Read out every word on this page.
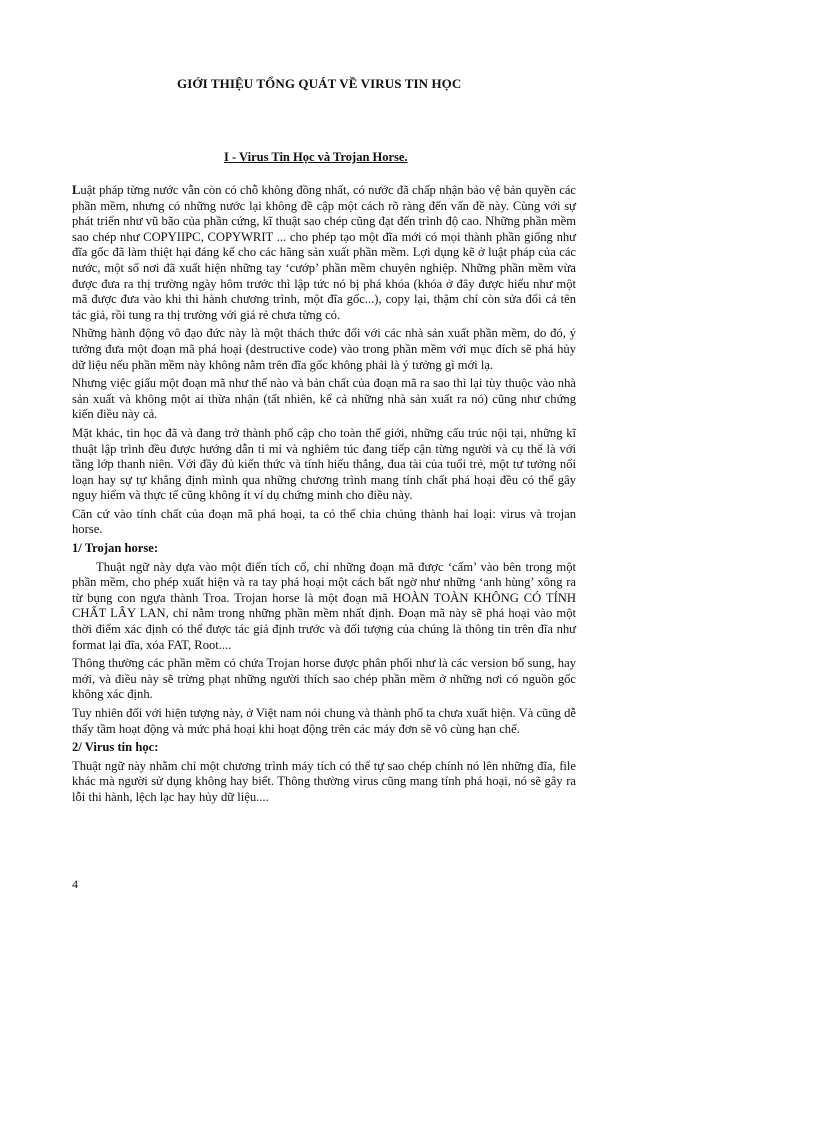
GIỚI THIỆU TỔNG QUÁT VỀ VIRUS TIN HỌC
I - Virus Tin Học và Trojan Horse.

Luật pháp từng nước vẫn còn có chỗ không đồng nhất, có nước đã chấp nhận bảo vệ bản quyền các phần mềm, nhưng có những nước lại không đề cập một cách rõ ràng đến vấn đề này. Cùng với sự phát triển như vũ bão của phần cứng, kĩ thuật sao chép cũng đạt đến trình độ cao. Những phần mềm sao chép như COPYIIPC, COPYWRIT ... cho phép tạo một đĩa mới có mọi thành phần giống như đĩa gốc đã làm thiệt hại đáng kể cho các hãng sản xuất phần mềm. Lợi dụng kẽ ở luật pháp của các nước, một số nơi đã xuất hiện những tay ‘cướp’ phần mềm chuyên nghiệp. Những phần mềm vừa được đưa ra thị trường ngày hôm trước thì lập tức nó bị phá khóa (khóa ở đây được hiểu như một mã được đưa vào khi thi hành chương trình, một đĩa gốc...), copy lại, thậm chí còn sửa đổi cả tên tác giả, rồi tung ra thị trường với giá rẻ chưa từng có.

Những hành động vô đạo đức này là một thách thức đối với các nhà sản xuất phần mềm, do đó, ý tưởng đưa một đoạn mã phá hoại (destructive code) vào trong phần mềm với mục đích sẽ phá hủy dữ liệu nếu phần mềm này không nằm trên đĩa gốc không phải là ý tưởng gì mới lạ.

Nhưng việc giấu một đoạn mã như thế nào và bản chất của đoạn mã ra sao thì lại tùy thuộc vào nhà sản xuất và không một ai thừa nhận (tất nhiên, kể cả những nhà sản xuất ra nó) cũng như chứng kiến điều này cả.

Mặt khác, tin học đã và đang trở thành phổ cập cho toàn thế giới, những cấu trúc nội tại, những kĩ thuật lập trình đều được hướng dẫn tỉ mỉ và nghiêm túc đang tiếp cận từng người và cụ thể là với tầng lớp thanh niên. Với đầy đủ kiến thức và tính hiếu thắng, đua tài của tuổi trẻ, một tư tưởng nổi loạn hay sự tự khẳng định mình qua những chương trình mang tính chất phá hoại đều có thể gây nguy hiểm và thực tế cũng không ít ví dụ chứng minh cho điều này.

Căn cứ vào tính chất của đoạn mã phá hoại, ta có thể chia chúng thành hai loại: virus và trojan horse.

1/ Trojan horse:

Thuật ngữ này dựa vào một điển tích cổ, chỉ những đoạn mã được ‘cấm’ vào bên trong một phần mềm, cho phép xuất hiện và ra tay phá hoại một cách bất ngờ như những ‘anh hùng’ xông ra từ bụng con ngựa thành Troa. Trojan horse là một đoạn mã HOÀN TOÀN KHÔNG CÓ TÍNH CHẤT LÂY LAN, chỉ nằm trong những phần mềm nhất định. Đoạn mã này sẽ phá hoại vào một thời điểm xác định có thể được tác giả định trước và đối tượng của chúng là thông tin trên đĩa như format lại đĩa, xóa FAT, Root....

Thông thường các phần mềm có chứa Trojan horse được phân phối như là các version bổ sung, hay mới, và điều này sẽ trừng phạt những người thích sao chép phần mềm ở những nơi có nguồn gốc không xác định.

Tuy nhiên đối với hiện tượng này, ở Việt nam nói chung và thành phố ta chưa xuất hiện. Và cũng dễ thấy tầm hoạt động và mức phá hoại khi hoạt động trên các máy đơn sẽ vô cùng hạn chế.

2/ Virus tin học:

Thuật ngữ này nhằm chỉ một chương trình máy tích có thể tự sao chép chính nó lên những đĩa, file khác mà người sử dụng không hay biết. Thông thường virus cũng mang tính phá hoại, nó sẽ gây ra lỗi thi hành, lệch lạc hay hủy dữ liệu....

4
